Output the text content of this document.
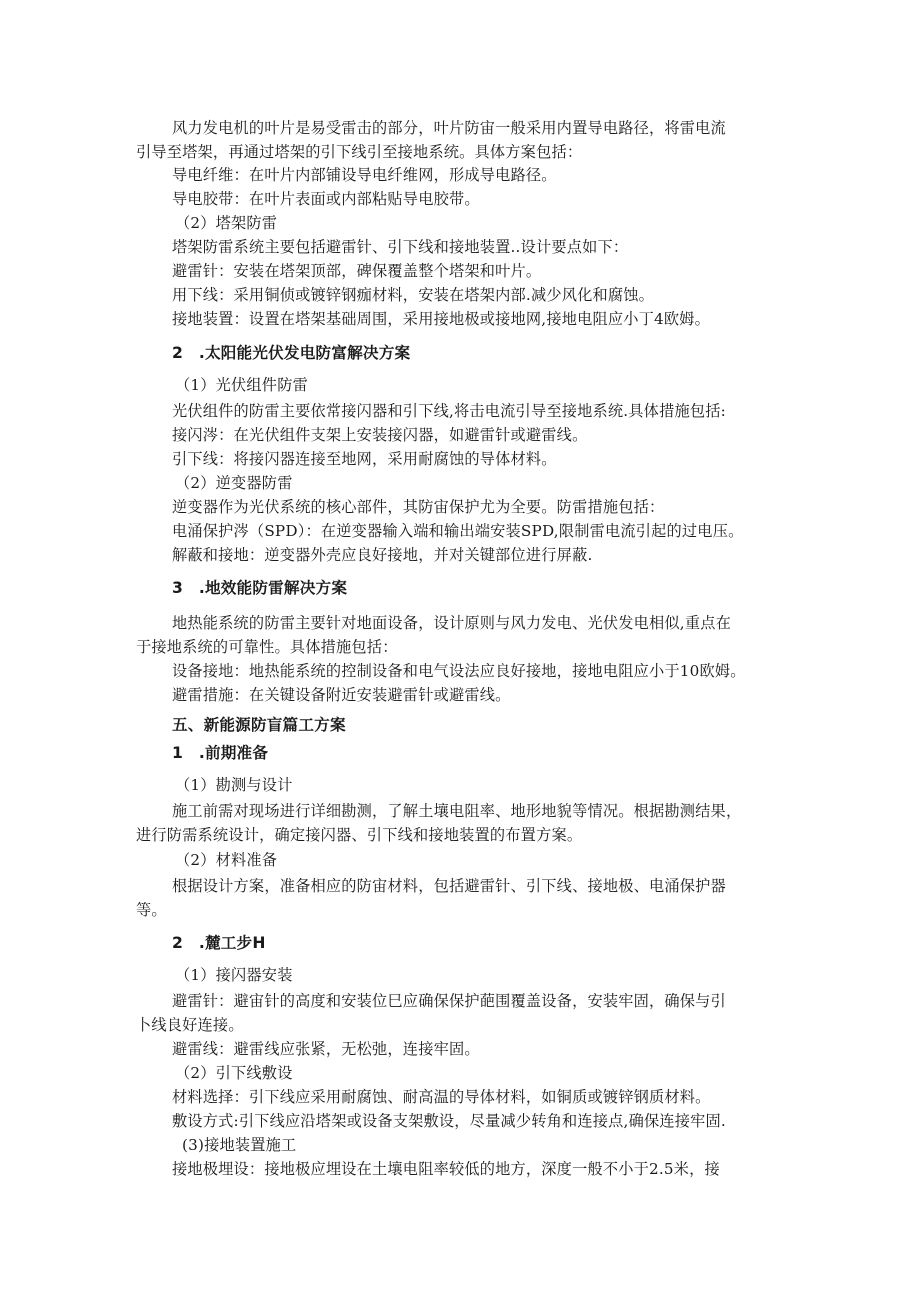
风力发电机的叶片是易受雷击的部分，叶片防宙一般采用内置导电路径，将雷电流
引导至塔架，再通过塔架的引下线引至接地系统。具体方案包括：
导电纤维：在叶片内部铺设导电纤维网，形成导电路径。
导电胶带：在叶片表面或内部粘贴导电胶带。
（2）塔架防雷
塔架防雷系统主要包括避雷针、引下线和接地装置..设计要点如下：
避雷针：安装在塔架顶部，碑保覆盖整个塔架和叶片。
用下线：采用铜侦或镀锌钢痂材料，安装在塔架内部.减少风化和腐蚀。
接地装置：设置在塔架基础周围，采用接地极或接地网,接地电阻应小丁4欧姆。
2　.太阳能光伏发电防富解决方案
（1）光伏组件防雷
光伏组件的防雷主要依常接闪器和引下线,将击电流引导至接地系统.具体措施包括:
接闪涔：在光伏组件支架上安装接闪器，如避雷针或避雷线。
引下线：将接闪器连接至地网，采用耐腐蚀的导体材料。
（2）逆变器防雷
逆变器作为光伏系统的核心部件，其防宙保护尤为全要。防雷措施包括：
电涌保护涔（SPD）：在逆变器输入端和输出端安装SPD,限制雷电流引起的过电压。
解蔽和接地：逆变器外壳应良好接地，并对关键部位进行屏蔽.
3　.地效能防雷解决方案
地热能系统的防雷主要针对地面设备，设计原则与风力发电、光伏发电相似,重点在
于接地系统的可靠性。具体措施包括：
设备接地：地热能系统的控制设备和电气设法应良好接地，接地电阻应小于10欧姆。
避雷措施：在关键设备附近安装避雷针或避雷线。
五、新能源防盲篇工方案
1　.前期准备
（1）勘测与设计
施工前需对现场进行详细勘测，了解土壤电阻率、地形地貌等情况。根据勘测结果，
进行防需系统设计，确定接闪器、引下线和接地装置的布置方案。
（2）材料准备
根据设计方案，准备相应的防宙材料，包括避雷针、引下线、接地极、电涌保护器
等。
2　.麓工步H
（1）接闪器安装
避雷针：避宙针的高度和安装位巳应确保保护葩围覆盖设备，安装牢固，确保与引
卜线良好连接。
避雷线：避雷线应张紧，无松弛，连接牢固。
（2）引下线敷设
材料选择：引下线应采用耐腐蚀、耐高温的导体材料，如铜质或镀锌钢质材料。
敷设方式:引下线应沿塔架或设备支架敷设，尽量减少转角和连接点,确保连接牢固.
(3)接地装置施工
接地极埋设：接地极应埋设在土壤电阻率较低的地方，深度一般不小于2.5米，接
